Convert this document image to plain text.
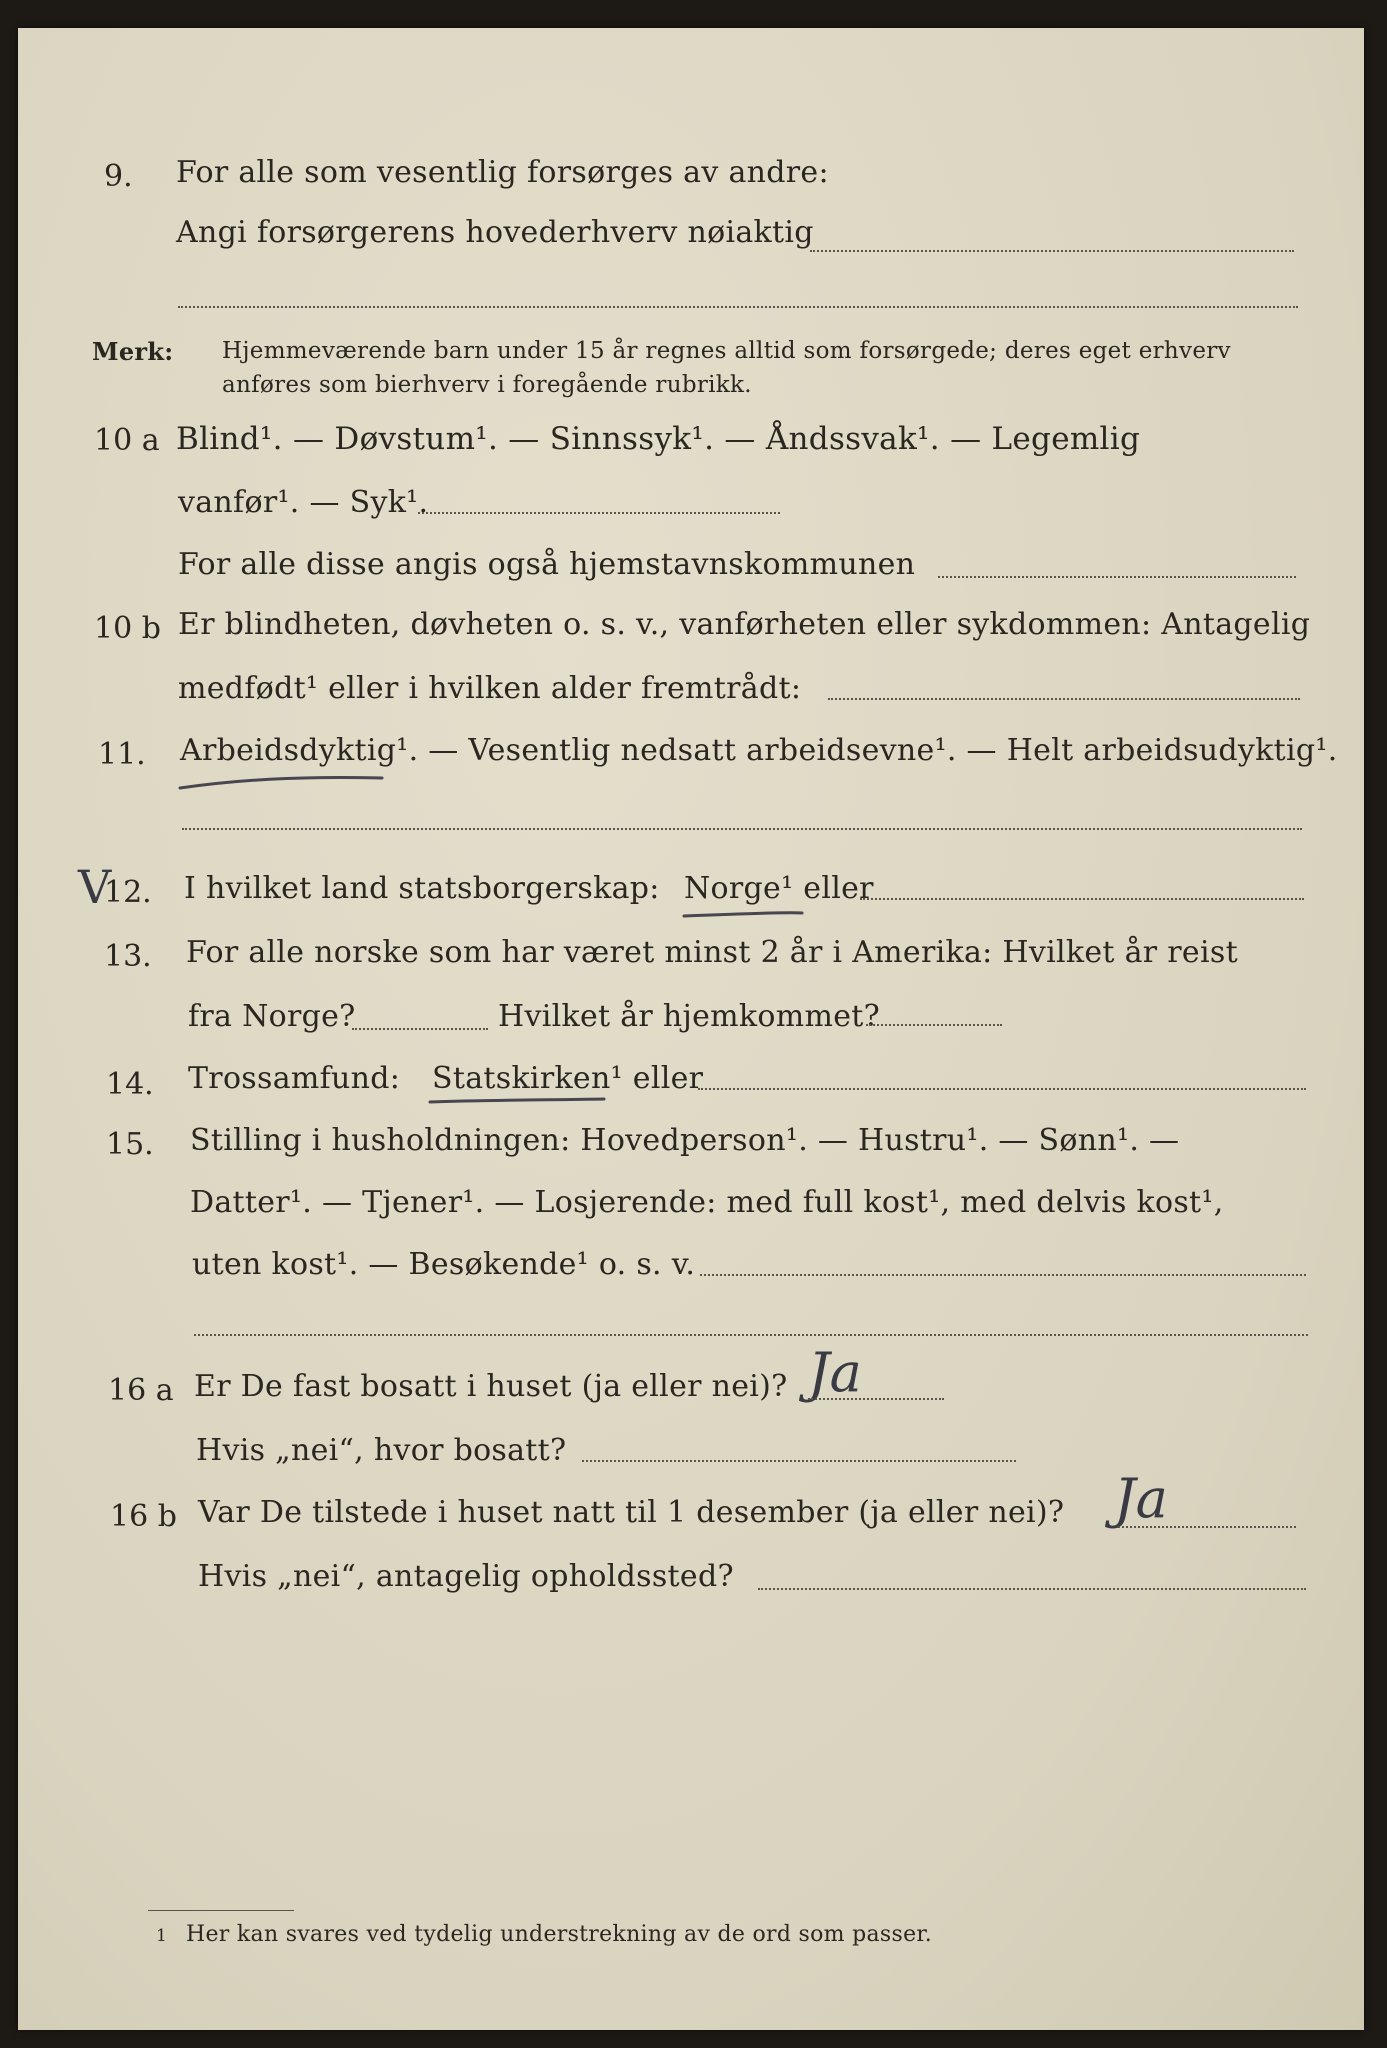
9. For alle som vesentlig forsørges av andre:
Angi forsørgerens hovederhverv nøiaktig
Merk: Hjemmeværende barn under 15 år regnes alltid som forsørgede; deres eget erhverv
anføres som bierhverv i foregående rubrikk.
10 a Blind¹. — Døvstum¹. — Sinnssyk¹. — Åndssvak¹. — Legemlig
vanfør¹. — Syk¹.
For alle disse angis også hjemstavnskommunen
10 b Er blindheten, døvheten o. s. v., vanførheten eller sykdommen: Antagelig
medfødt¹ eller i hvilken alder fremtrådt:
11. Arbeidsdyktig¹. — Vesentlig nedsatt arbeidsevne¹. — Helt arbeidsudyktig¹.
V
12. I hvilket land statsborgerskap: Norge¹ eller
13. For alle norske som har været minst 2 år i Amerika: Hvilket år reist
fra Norge?	Hvilket år hjemkommet?
14. Trossamfund: Statskirken¹ eller
15. Stilling i husholdningen: Hovedperson¹. — Hustru¹. — Sønn¹. —
Datter¹. — Tjener¹. — Losjerende: med full kost¹, med delvis kost¹,
uten kost¹. — Besøkende¹ o. s. v.
16 a Er De fast bosatt i huset (ja eller nei)? Ja
Hvis „nei“, hvor bosatt?
16 b Var De tilstede i huset natt til 1 desember (ja eller nei)? Ja
Hvis „nei“, antagelig opholdssted?
1 Her kan svares ved tydelig understrekning av de ord som passer.
